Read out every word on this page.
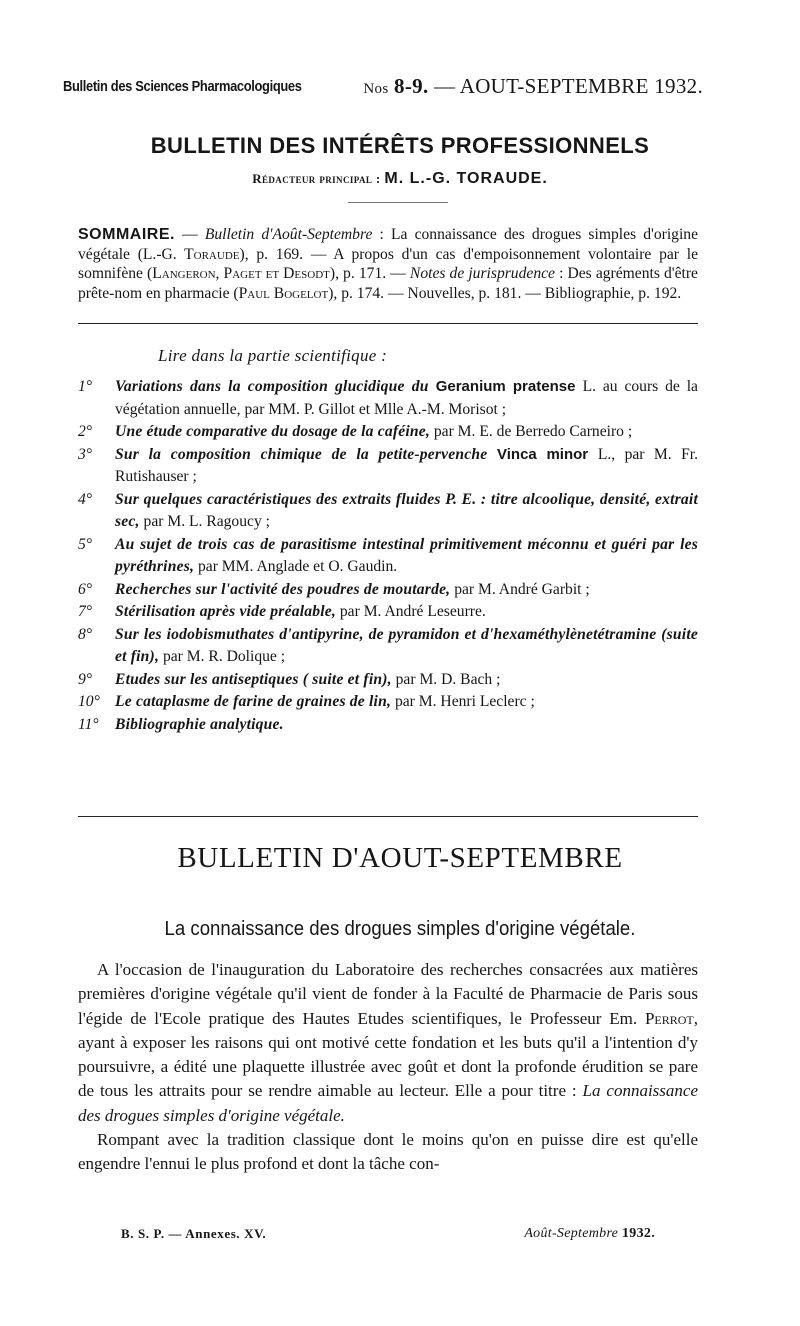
Bulletin des Sciences Pharmacologiques	Nos 8-9. — AOUT-SEPTEMBRE 1932.
BULLETIN DES INTÉRÊTS PROFESSIONNELS
Rédacteur principal : M. L.-G. TORAUDE.
SOMMAIRE. — Bulletin d'Août-Septembre : La connaissance des drogues simples d'origine végétale (L.-G. Toraude), p. 169. — A propos d'un cas d'empoisonnement volontaire par le somnifène (Langeron, Paget et Desodt), p. 171. — Notes de jurisprudence : Des agréments d'être prête-nom en pharmacie (Paul Bogelot), p. 174. — Nouvelles, p. 181. — Bibliographie, p. 192.
Lire dans la partie scientifique :
1° Variations dans la composition glucidique du Geranium pratense L. au cours de la végétation annuelle, par MM. P. Gillot et Mlle A.-M. Morisot ;
2° Une étude comparative du dosage de la caféine, par M. E. de Berredo Carneiro ;
3° Sur la composition chimique de la petite-pervenche Vinca minor L., par M. Fr. Rutishauser ;
4° Sur quelques caractéristiques des extraits fluides P. E. : titre alcoolique, densité, extrait sec, par M. L. Ragoucy ;
5° Au sujet de trois cas de parasitisme intestinal primitivement méconnu et guéri par les pyréthrines, par MM. Anglade et O. Gaudin.
6° Recherches sur l'activité des poudres de moutarde, par M. André Garbit ;
7° Stérilisation après vide préalable, par M. André Leseurre.
8° Sur les iodobismuthates d'antipyrine, de pyramidon et d'hexaméthylènetétramine (suite et fin), par M. R. Dolique ;
9° Etudes sur les antiseptiques ( suite et fin), par M. D. Bach ;
10° Le cataplasme de farine de graines de lin, par M. Henri Leclerc ;
11° Bibliographie analytique.
BULLETIN D'AOUT-SEPTEMBRE
La connaissance des drogues simples d'origine végétale.

A l'occasion de l'inauguration du Laboratoire des recherches consacrées aux matières premières d'origine végétale qu'il vient de fonder à la Faculté de Pharmacie de Paris sous l'égide de l'Ecole pratique des Hautes Etudes scientifiques, le Professeur Em. Perrot, ayant à exposer les raisons qui ont motivé cette fondation et les buts qu'il a l'intention d'y poursuivre, a édité une plaquette illustrée avec goût et dont la profonde érudition se pare de tous les attraits pour se rendre aimable au lecteur. Elle a pour titre : La connaissance des drogues simples d'origine végétale.

Rompant avec la tradition classique dont le moins qu'on en puisse dire est qu'elle engendre l'ennui le plus profond et dont la tâche con-

B. S. P. — Annexes. XV.	Août-Septembre 1932.
